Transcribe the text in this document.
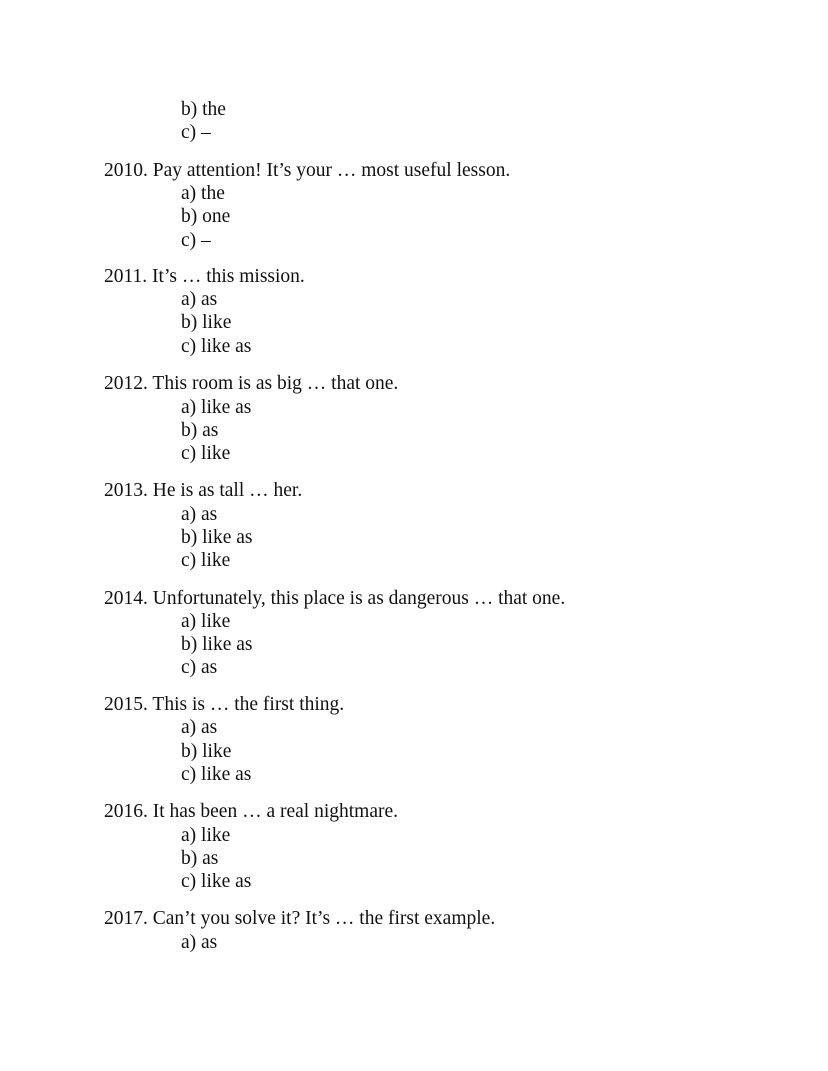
b) the
c) –
2010. Pay attention! It’s your … most useful lesson.
a) the
b) one
c) –
2011. It’s … this mission.
a) as
b) like
c) like as
2012. This room is as big … that one.
a) like as
b) as
c) like
2013. He is as tall … her.
a) as
b) like as
c) like
2014. Unfortunately, this place is as dangerous … that one.
a) like
b) like as
c) as
2015. This is … the first thing.
a) as
b) like
c) like as
2016. It has been … a real nightmare.
a) like
b) as
c) like as
2017. Can’t you solve it? It’s … the first example.
a) as
